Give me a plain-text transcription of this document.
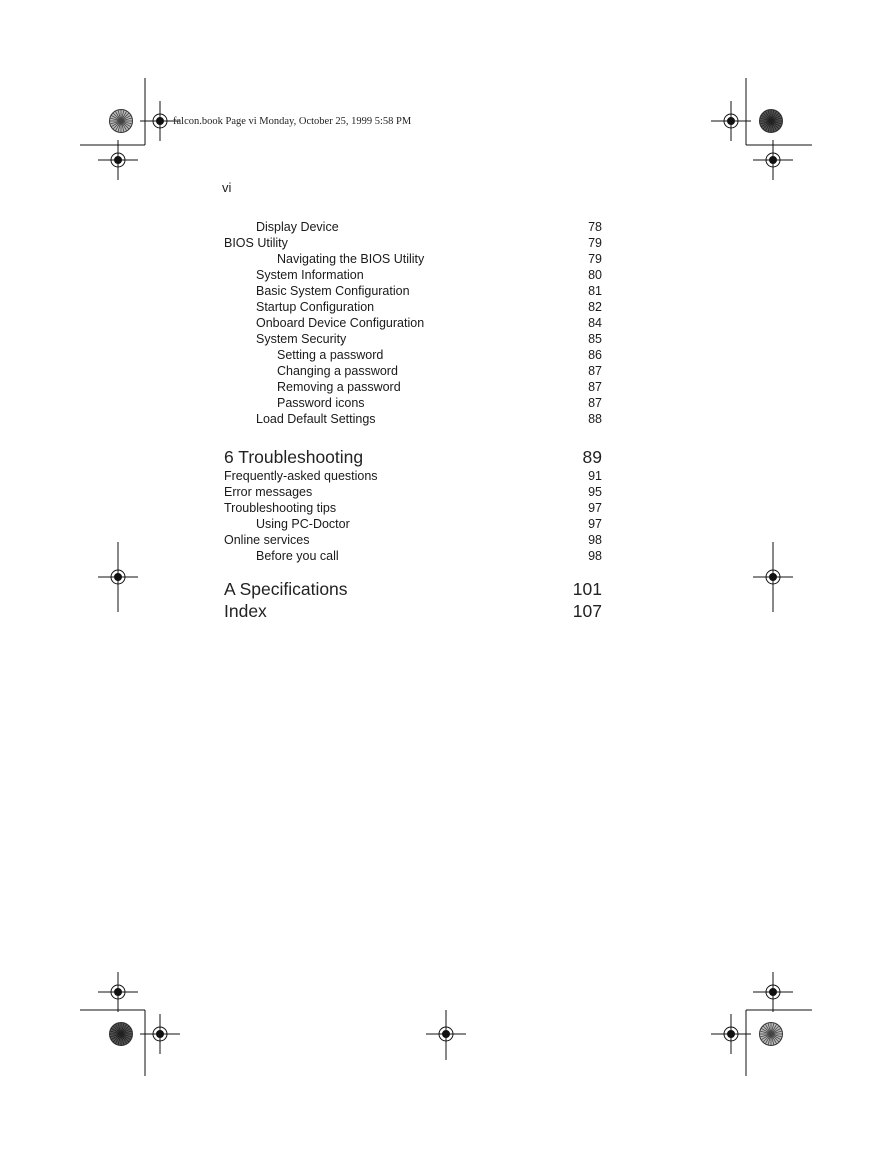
falcon.book Page vi Monday, October 25, 1999 5:58 PM
vi
Display Device	78
BIOS Utility	79
Navigating the BIOS Utility	79
System Information	80
Basic System Configuration	81
Startup Configuration	82
Onboard Device Configuration	84
System Security	85
Setting a password	86
Changing a password	87
Removing a password	87
Password icons	87
Load Default Settings	88
6 Troubleshooting	89
Frequently-asked questions	91
Error messages	95
Troubleshooting tips	97
Using PC-Doctor	97
Online services	98
Before you call	98
A Specifications	101
Index	107
